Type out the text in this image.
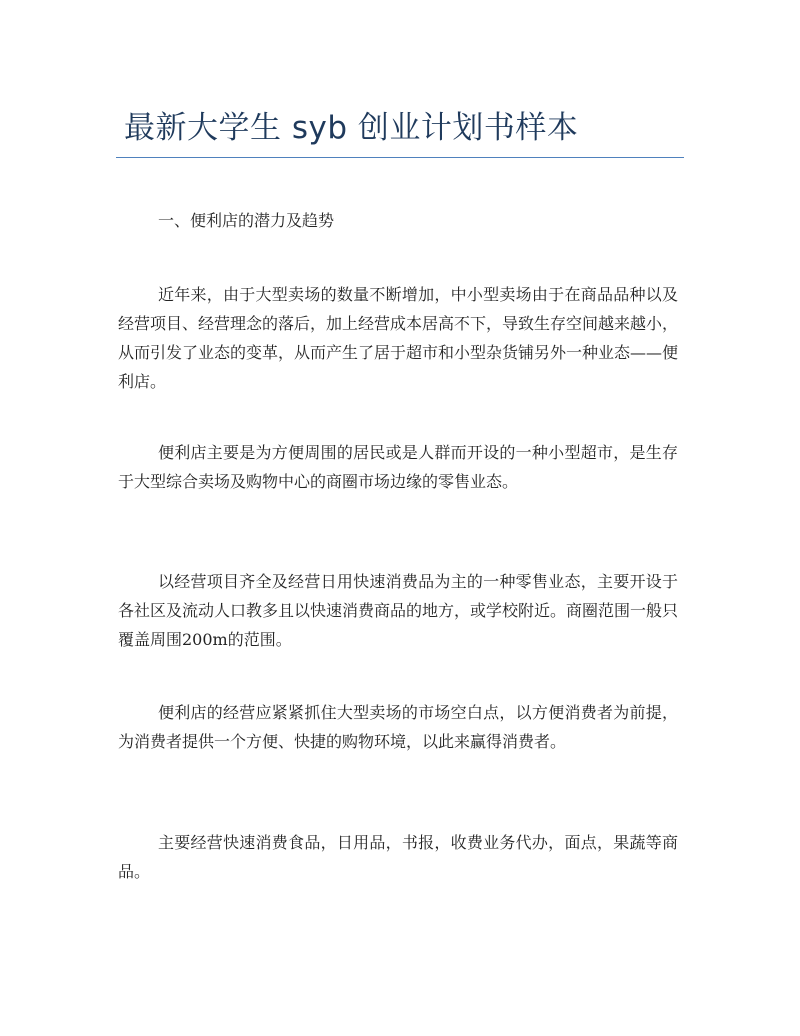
最新大学生 syb 创业计划书样本

一、便利店的潜力及趋势

近年来，由于大型卖场的数量不断增加，中小型卖场由于在商品品种以及经营项目、经营理念的落后，加上经营成本居高不下，导致生存空间越来越小，从而引发了业态的变革，从而产生了居于超市和小型杂货铺另外一种业态——便利店。

便利店主要是为方便周围的居民或是人群而开设的一种小型超市，是生存于大型综合卖场及购物中心的商圈市场边缘的零售业态。

以经营项目齐全及经营日用快速消费品为主的一种零售业态，主要开设于各社区及流动人口教多且以快速消费商品的地方，或学校附近。商圈范围一般只覆盖周围200m的范围。

便利店的经营应紧紧抓住大型卖场的市场空白点，以方便消费者为前提，为消费者提供一个方便、快捷的购物环境，以此来赢得消费者。

主要经营快速消费食品，日用品，书报，收费业务代办，面点，果蔬等商品。
